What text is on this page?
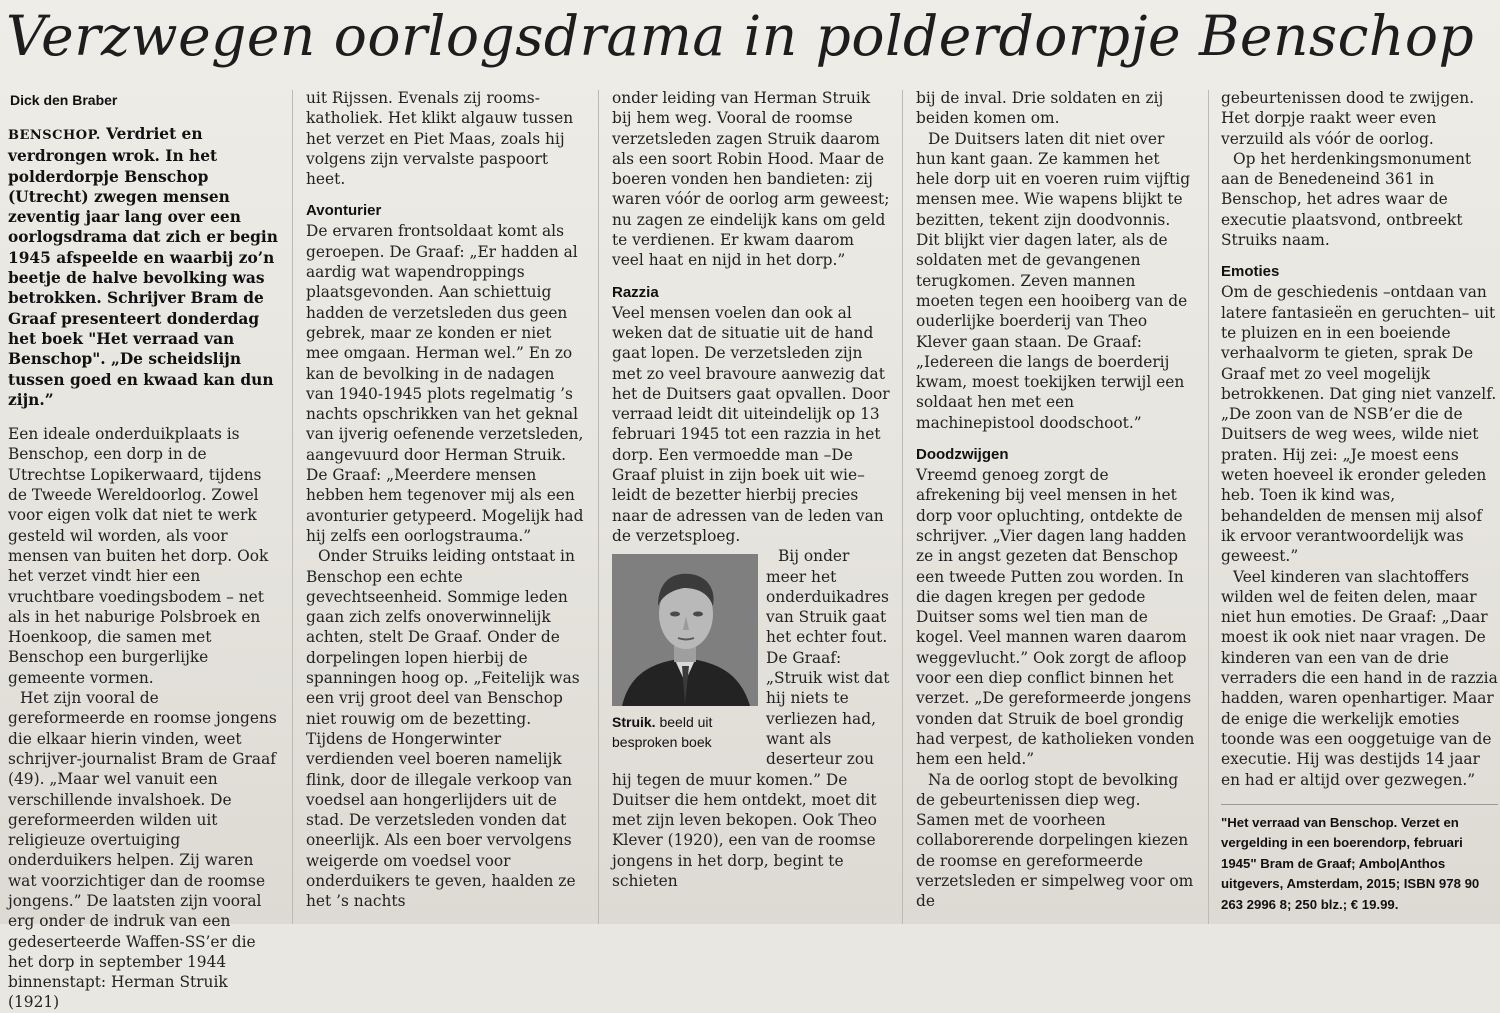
Verzwegen oorlogsdrama in polderdorpje Benschop
Dick den Braber

BENSCHOP. Verdriet en verdrongen wrok. In het polderdorpje Benschop (Utrecht) zwegen mensen zeventig jaar lang over een oorlogsdrama dat zich er begin 1945 afspeelde en waarbij zo’n beetje de halve bevolking was betrokken. Schrijver Bram de Graaf presenteert donderdag het boek "Het verraad van Benschop". „De scheidslijn tussen goed en kwaad kan dun zijn.”

Een ideale onderduikplaats is Benschop, een dorp in de Utrechtse Lopikerwaard, tijdens de Tweede Wereldoorlog. Zowel voor eigen volk dat niet te werk gesteld wil worden, als voor mensen van buiten het dorp. Ook het verzet vindt hier een vruchtbare voedingsbodem – net als in het naburige Polsbroek en Hoenkoop, die samen met Benschop een burgerlijke gemeente vormen.

Het zijn vooral de gereformeerde en roomse jongens die elkaar hierin vinden, weet schrijver-journalist Bram de Graaf (49). „Maar wel vanuit een verschillende invalshoek. De gereformeerden wilden uit religieuze overtuiging onderduikers helpen. Zij waren wat voorzichtiger dan de roomse jongens.” De laatsten zijn vooral erg onder de indruk van een gedeserteerde Waffen-SS’er die het dorp in september 1944 binnenstapt: Herman Struik (1921)

uit Rijssen. Evenals zij rooms-katholiek. Het klikt algauw tussen het verzet en Piet Maas, zoals hij volgens zijn vervalste paspoort heet.

Avonturier

De ervaren frontsoldaat komt als geroepen. De Graaf: „Er hadden al aardig wat wapendroppings plaatsgevonden. Aan schiettuig hadden de verzetsleden dus geen gebrek, maar ze konden er niet mee omgaan. Herman wel.” En zo kan de bevolking in de nadagen van 1940-1945 plots regelmatig ’s nachts opschrikken van het geknal van ijverig oefenende verzetsleden, aangevuurd door Herman Struik. De Graaf: „Meerdere mensen hebben hem tegenover mij als een avonturier getypeerd. Mogelijk had hij zelfs een oorlogstrauma.”

Onder Struiks leiding ontstaat in Benschop een echte gevechtseenheid. Sommige leden gaan zich zelfs onoverwinnelijk achten, stelt De Graaf. Onder de dorpelingen lopen hierbij de spanningen hoog op. „Feitelijk was een vrij groot deel van Benschop niet rouwig om de bezetting. Tijdens de Hongerwinter verdienden veel boeren namelijk flink, door de illegale verkoop van voedsel aan hongerlijders uit de stad. De verzetsleden vonden dat oneerlijk. Als een boer vervolgens weigerde om voedsel voor onderduikers te geven, haalden ze het ’s nachts

onder leiding van Herman Struik bij hem weg. Vooral de roomse verzetsleden zagen Struik daarom als een soort Robin Hood. Maar de boeren vonden hen bandieten: zij waren vóór de oorlog arm geweest; nu zagen ze eindelijk kans om geld te verdienen. Er kwam daarom veel haat en nijd in het dorp.”

Razzia

Veel mensen voelen dan ook al weken dat de situatie uit de hand gaat lopen. De verzetsleden zijn met zo veel bravoure aanwezig dat het de Duitsers gaat opvallen. Door verraad leidt dit uiteindelijk op 13 februari 1945 tot een razzia in het dorp. Een vermoedde man –De Graaf pluist in zijn boek uit wie– leidt de bezetter hierbij precies naar de adressen van de leden van de verzetsploeg.

Struik. beeld uit besproken boek

Bij onder meer het onderduikadres van Struik gaat het echter fout. De Graaf: „Struik wist dat hij niets te verliezen had, want als deserteur zou hij tegen de muur komen.” De Duitser die hem ontdekt, moet dit met zijn leven bekopen. Ook Theo Klever (1920), een van de roomse jongens in het dorp, begint te schieten

bij de inval. Drie soldaten en zij beiden komen om.

De Duitsers laten dit niet over hun kant gaan. Ze kammen het hele dorp uit en voeren ruim vijftig mensen mee. Wie wapens blijkt te bezitten, tekent zijn doodvonnis. Dit blijkt vier dagen later, als de soldaten met de gevangenen terugkomen. Zeven mannen moeten tegen een hooiberg van de ouderlijke boerderij van Theo Klever gaan staan. De Graaf: „Iedereen die langs de boerderij kwam, moest toekijken terwijl een soldaat hen met een machinepistool doodschoot.”

Doodzwijgen

Vreemd genoeg zorgt de afrekening bij veel mensen in het dorp voor opluchting, ontdekte de schrijver. „Vier dagen lang hadden ze in angst gezeten dat Benschop een tweede Putten zou worden. In die dagen kregen per gedode Duitser soms wel tien man de kogel. Veel mannen waren daarom weggevlucht.” Ook zorgt de afloop voor een diep conflict binnen het verzet. „De gereformeerde jongens vonden dat Struik de boel grondig had verpest, de katholieken vonden hem een held.”

Na de oorlog stopt de bevolking de gebeurtenissen diep weg. Samen met de voorheen collaborerende dorpelingen kiezen de roomse en gereformeerde verzetsleden er simpelweg voor om de

gebeurtenissen dood te zwijgen. Het dorpje raakt weer even verzuild als vóór de oorlog.

Op het herdenkingsmonument aan de Benedeneind 361 in Benschop, het adres waar de executie plaatsvond, ontbreekt Struiks naam.

Emoties

Om de geschiedenis –ontdaan van latere fantasieën en geruchten– uit te pluizen en in een boeiende verhaalvorm te gieten, sprak De Graaf met zo veel mogelijk betrokkenen. Dat ging niet vanzelf. „De zoon van de NSB’er die de Duitsers de weg wees, wilde niet praten. Hij zei: „Je moest eens weten hoeveel ik eronder geleden heb. Toen ik kind was, behandelden de mensen mij alsof ik ervoor verantwoordelijk was geweest.”

Veel kinderen van slachtoffers wilden wel de feiten delen, maar niet hun emoties. De Graaf: „Daar moest ik ook niet naar vragen. De kinderen van een van de drie verraders die een hand in de razzia hadden, waren openhartiger. Maar de enige die werkelijk emoties toonde was een ooggetuige van de executie. Hij was destijds 14 jaar en had er altijd over gezwegen.”

"Het verraad van Benschop. Verzet en vergelding in een boerendorp, februari 1945" Bram de Graaf; Ambo|Anthos uitgevers, Amsterdam, 2015; ISBN 978 90 263 2996 8; 250 blz.; € 19.99.
